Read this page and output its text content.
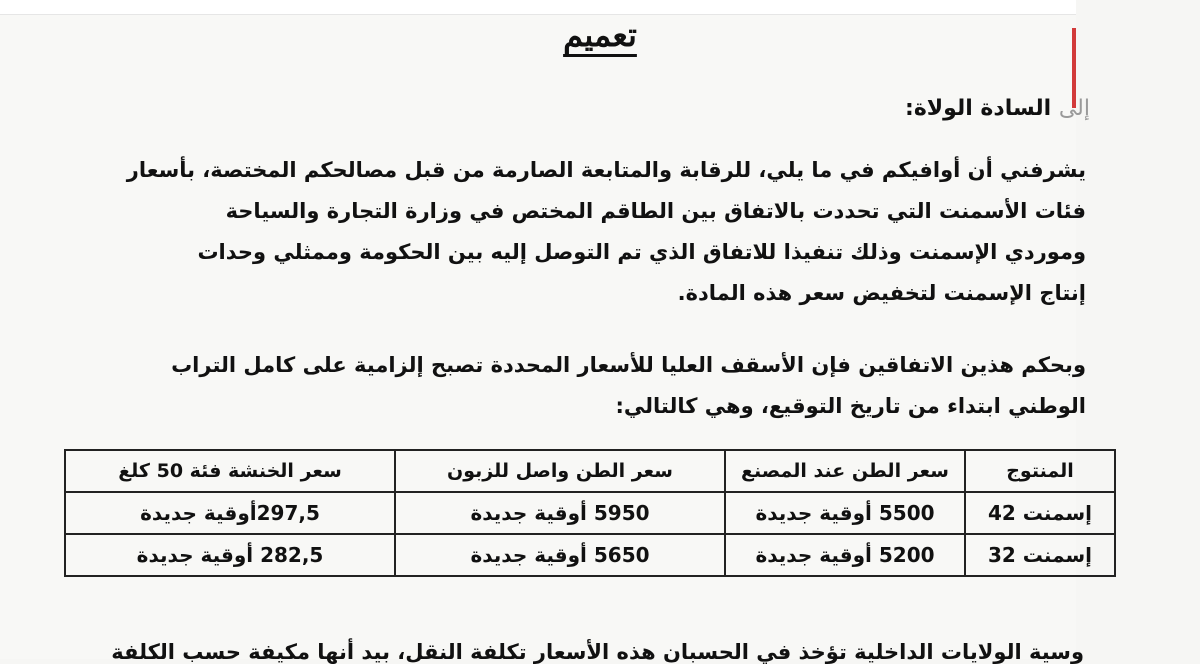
تعميم
إلى السادة الولاة:
يشرفني أن أوافيكم في ما يلي، للرقابة والمتابعة الصارمة من قبل مصالحكم المختصة، بأسعار
فئات الأسمنت التي تحددت بالاتفاق بين الطاقم المختص في وزارة التجارة والسياحة
وموردي الإسمنت وذلك تنفيذا للاتفاق الذي تم التوصل إليه بين الحكومة وممثلي وحدات
إنتاج الإسمنت لتخفيض سعر هذه المادة.
وبحكم هذين الاتفاقين فإن الأسقف العليا للأسعار المحددة تصبح إلزامية على كامل التراب
الوطني ابتداء من تاريخ التوقيع، وهي كالتالي:
المنتوج	سعر الطن عند المصنع	سعر الطن واصل للزبون	سعر الخنشة فئة 50 كلغ
إسمنت 42	5500 أوقية جديدة	5950 أوقية جديدة	297,5أوقية جديدة
إسمنت 32	5200 أوقية جديدة	5650 أوقية جديدة	282,5 أوقية جديدة
وسية الولايات الداخلية تؤخذ في الحسبان هذه الأسعار تكلفة النقل، بيد أنها مكيفة حسب الكلفة
